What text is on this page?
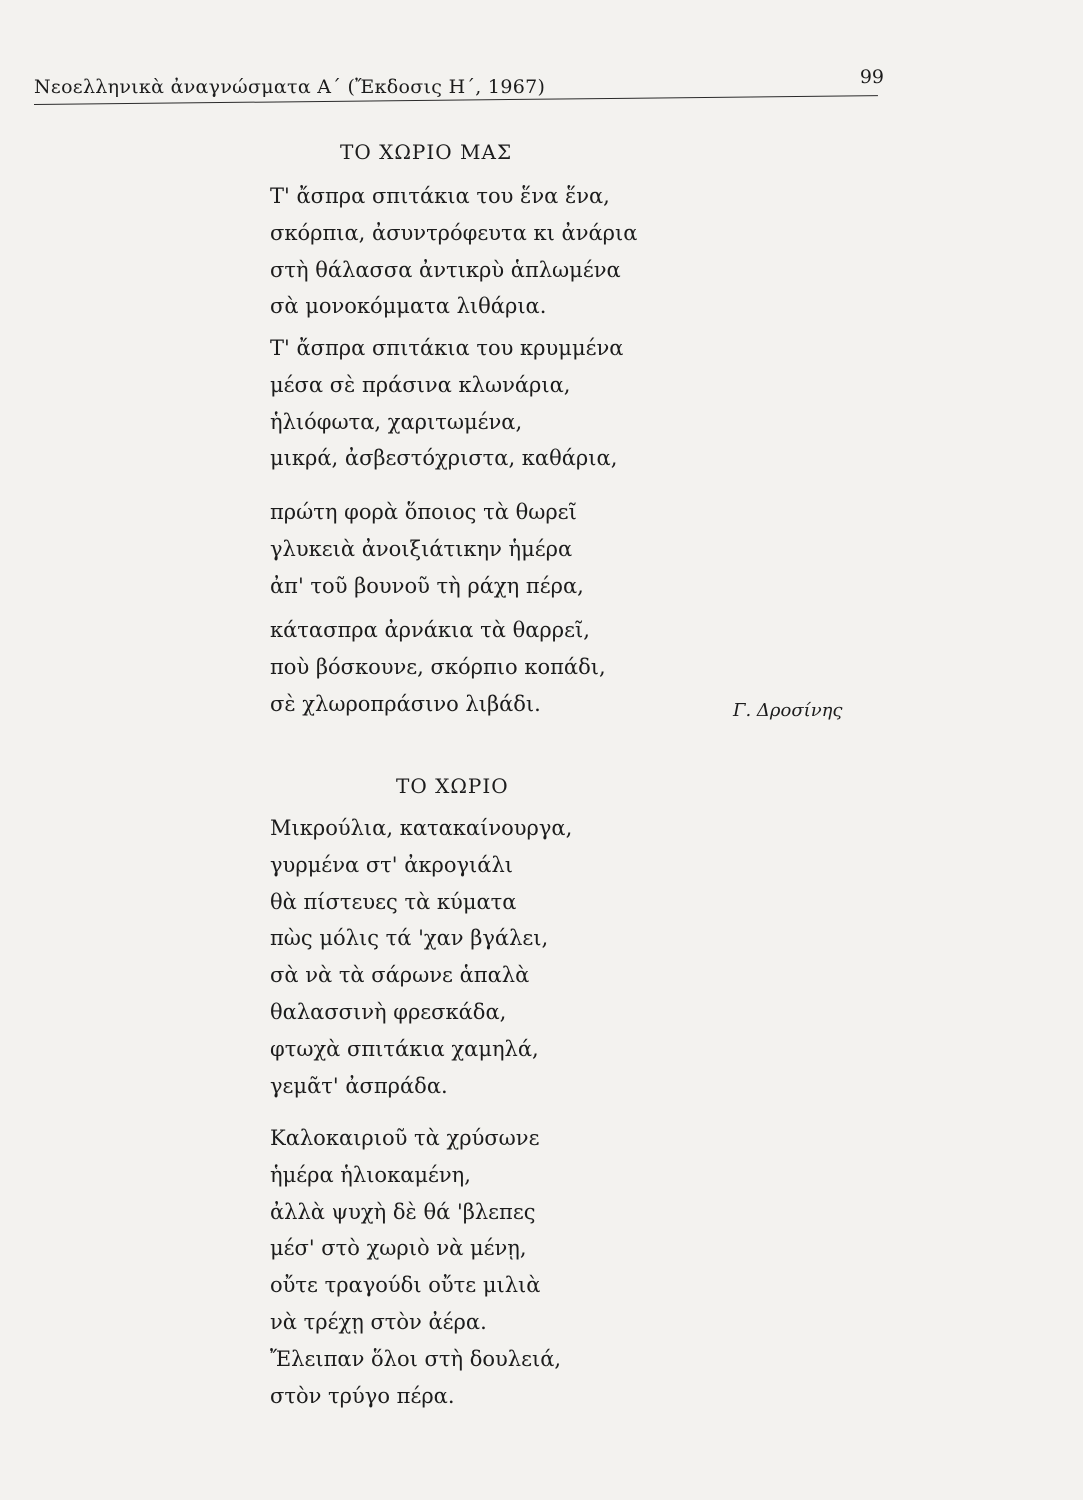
Νεοελληνικὰ ἀναγνώσματα Α΄ (Ἔκδοσις Η΄, 1967)	99
ΤΟ ΧΩΡΙΟ ΜΑΣ
Τ' ἄσπρα σπιτάκια του ἕνα ἕνα,
σκόρπια, ἀσυντρόφευτα κι ἀνάρια
στὴ θάλασσα ἀντικρὺ ἁπλωμένα
σὰ μονοκόμματα λιθάρια.
Τ' ἄσπρα σπιτάκια του κρυμμένα
μέσα σὲ πράσινα κλωνάρια,
ἡλιόφωτα, χαριτωμένα,
μικρά, ἀσβεστόχριστα, καθάρια,
πρώτη φορὰ ὅποιος τὰ θωρεῖ
γλυκειὰ ἀνοιξιάτικην ἡμέρα
ἀπ' τοῦ βουνοῦ τὴ ράχη πέρα,
κάτασπρα ἀρνάκια τὰ θαρρεῖ,
ποὺ βόσκουνε, σκόρπιο κοπάδι,
σὲ χλωροπράσινο λιβάδι.	Γ. Δροσίνης
ΤΟ ΧΩΡΙΟ
Μικρούλια, κατακαίνουργα,
γυρμένα στ' ἀκρογιάλι
θὰ πίστευες τὰ κύματα
πὼς μόλις τά 'χαν βγάλει,
σὰ νὰ τὰ σάρωνε ἁπαλὰ
θαλασσινὴ φρεσκάδα,
φτωχὰ σπιτάκια χαμηλά,
γεμᾶτ' ἀσπράδα.
Καλοκαιριοῦ τὰ χρύσωνε
ἡμέρα ἡλιοκαμένη,
ἀλλὰ ψυχὴ δὲ θά 'βλεπες
μέσ' στὸ χωριὸ νὰ μένῃ,
οὔτε τραγούδι οὔτε μιλιὰ
νὰ τρέχῃ στὸν ἀέρα.
Ἔλειπαν ὅλοι στὴ δουλειά,
στὸν τρύγο πέρα.
